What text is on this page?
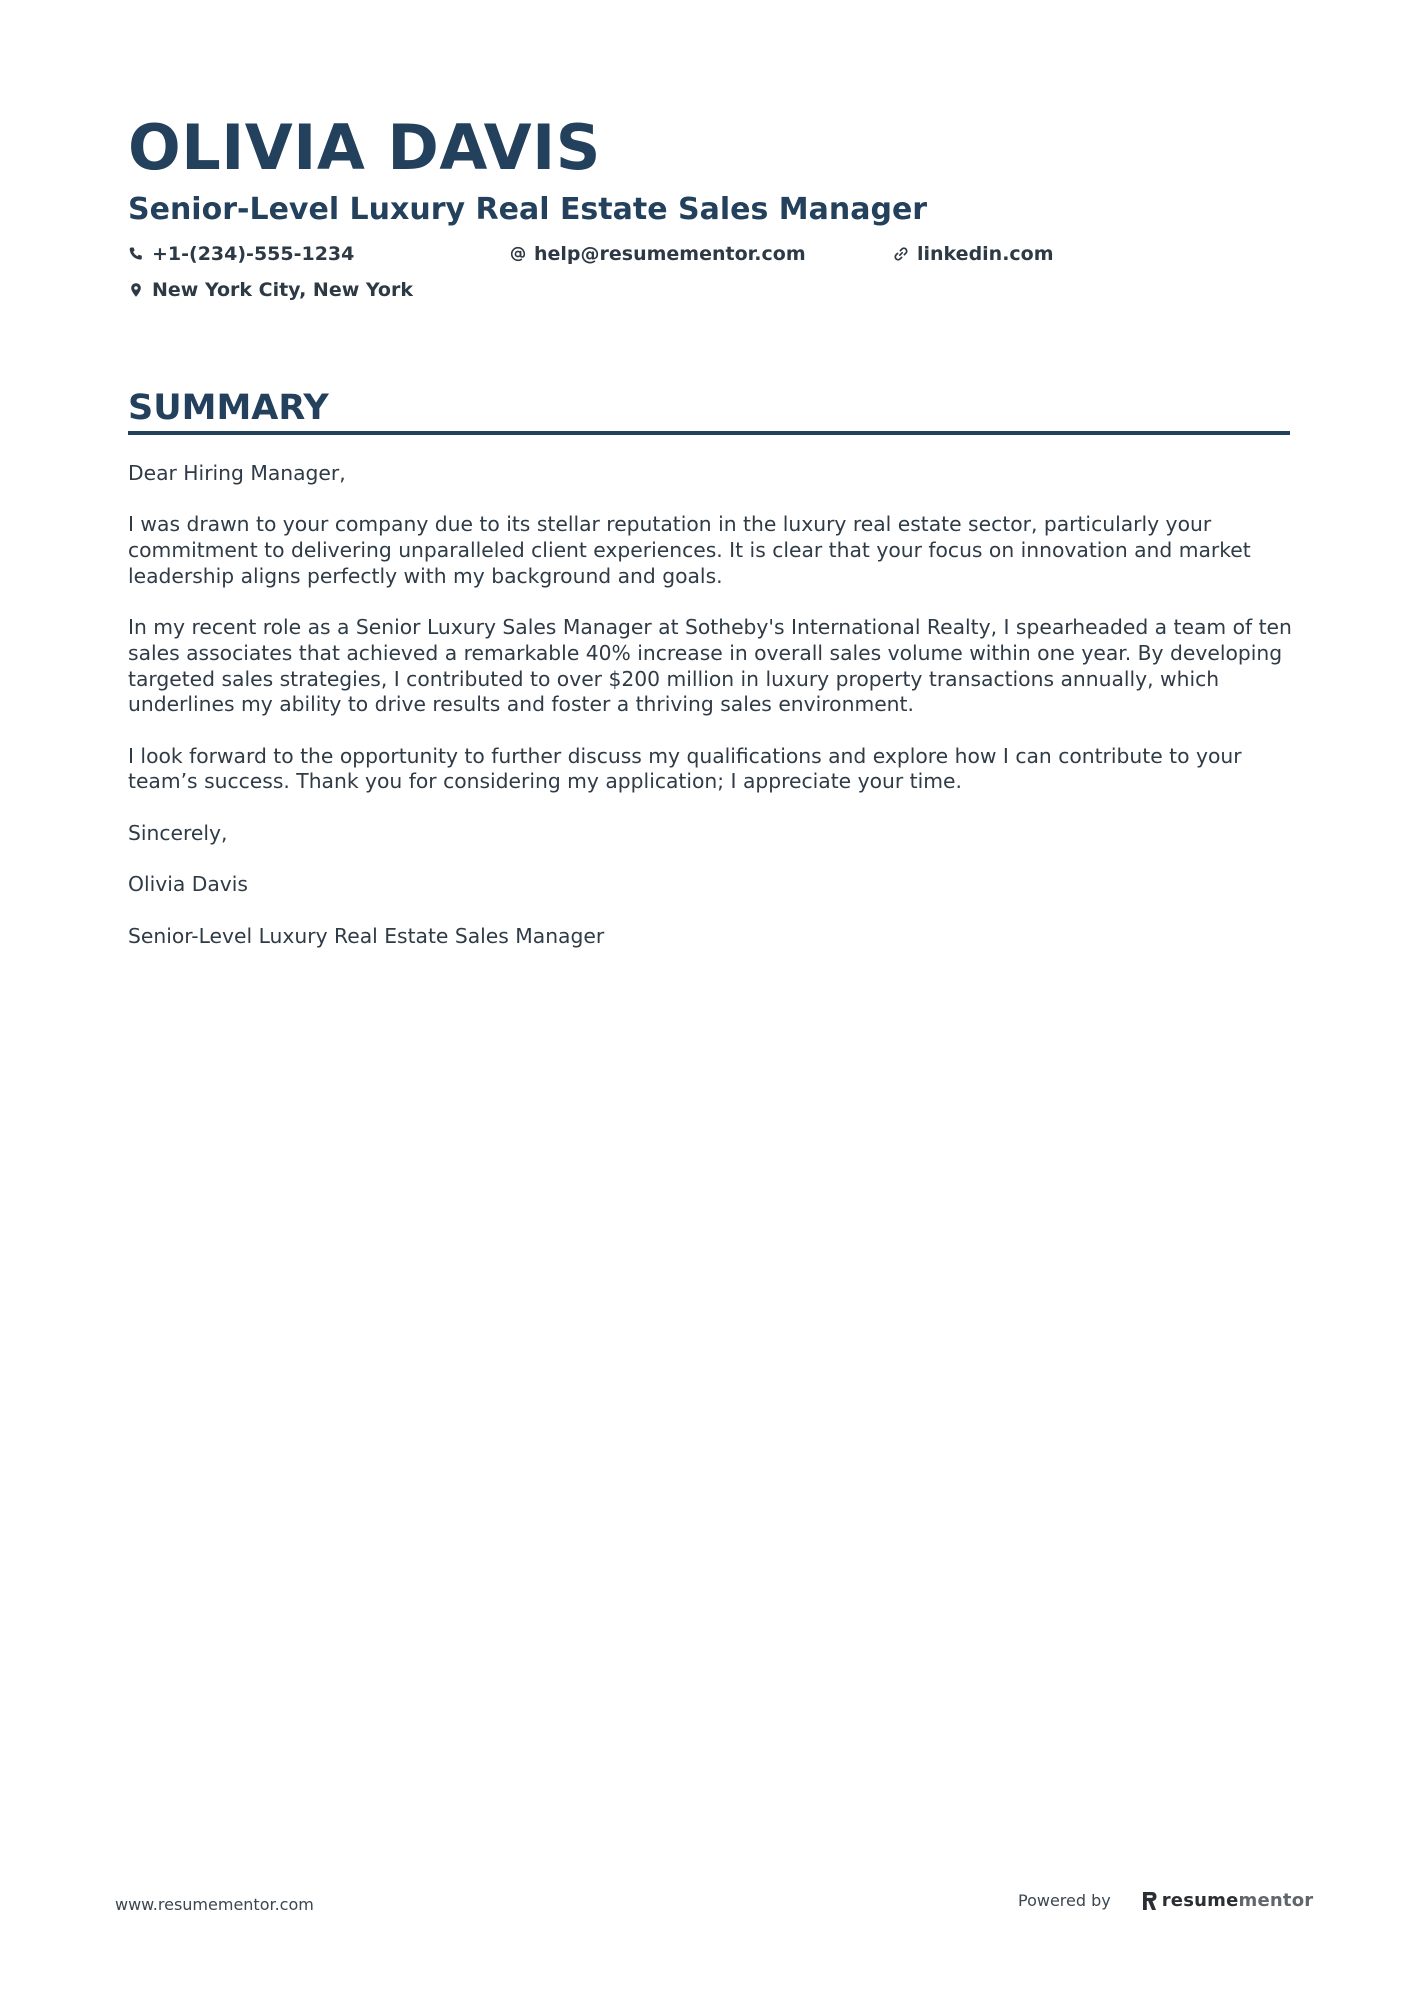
OLIVIA DAVIS
Senior-Level Luxury Real Estate Sales Manager
+1-(234)-555-1234	help@resumementor.com	linkedin.com
New York City, New York
SUMMARY

Dear Hiring Manager,

I was drawn to your company due to its stellar reputation in the luxury real estate sector, particularly your commitment to delivering unparalleled client experiences. It is clear that your focus on innovation and market leadership aligns perfectly with my background and goals.

In my recent role as a Senior Luxury Sales Manager at Sotheby's International Realty, I spearheaded a team of ten sales associates that achieved a remarkable 40% increase in overall sales volume within one year. By developing targeted sales strategies, I contributed to over $200 million in luxury property transactions annually, which underlines my ability to drive results and foster a thriving sales environment.

I look forward to the opportunity to further discuss my qualifications and explore how I can contribute to your team’s success. Thank you for considering my application; I appreciate your time.

Sincerely,

Olivia Davis

Senior-Level Luxury Real Estate Sales Manager

www.resumementor.com	Powered by	resumementor
